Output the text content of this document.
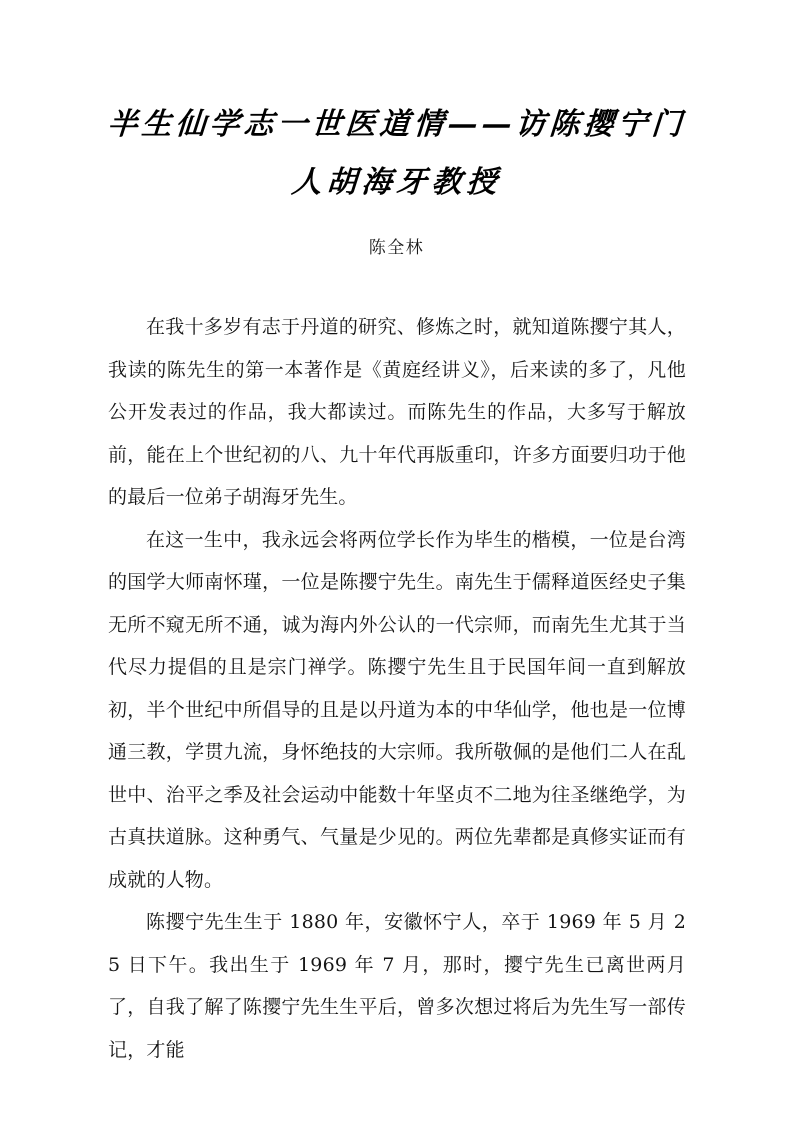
半生仙学志一世医道情——访陈撄宁门
人胡海牙教授
陈全林

在我十多岁有志于丹道的研究、修炼之时，就知道陈撄宁其人，我读的陈先生的第一本著作是《黄庭经讲义》，后来读的多了，凡他公开发表过的作品，我大都读过。而陈先生的作品，大多写于解放前，能在上个世纪初的八、九十年代再版重印，许多方面要归功于他的最后一位弟子胡海牙先生。

在这一生中，我永远会将两位学长作为毕生的楷模，一位是台湾的国学大师南怀瑾，一位是陈撄宁先生。南先生于儒释道医经史子集无所不窥无所不通，诚为海内外公认的一代宗师，而南先生尤其于当代尽力提倡的且是宗门禅学。陈撄宁先生且于民国年间一直到解放初，半个世纪中所倡导的且是以丹道为本的中华仙学，他也是一位博通三教，学贯九流，身怀绝技的大宗师。我所敬佩的是他们二人在乱世中、治平之季及社会运动中能数十年坚贞不二地为往圣继绝学，为古真扶道脉。这种勇气、气量是少见的。两位先辈都是真修实证而有成就的人物。

陈撄宁先生生于 1880 年，安徽怀宁人，卒于 1969 年 5 月 25 日下午。我出生于 1969 年 7 月，那时，撄宁先生已离世两月了，自我了解了陈撄宁先生生平后，曾多次想过将后为先生写一部传记，才能
